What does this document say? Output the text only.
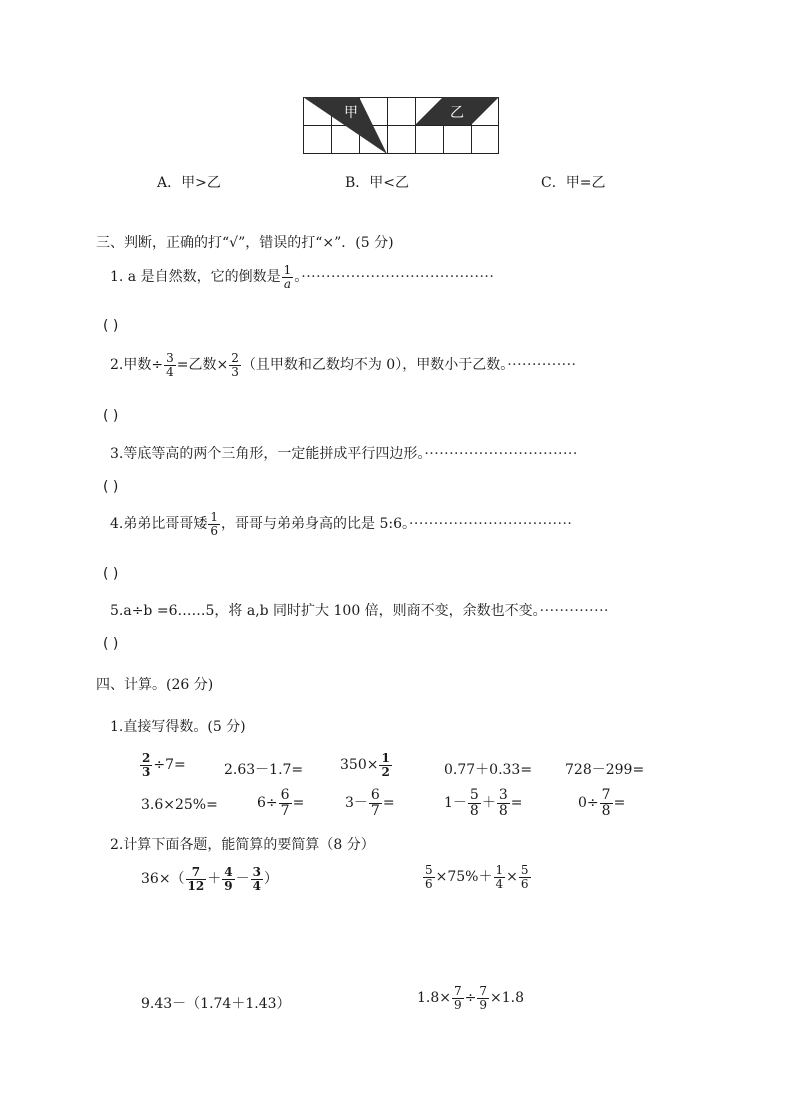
甲	乙
A．甲>乙	B．甲<乙	C．甲=乙
三、判断，正确的打“√”，错误的打“×”．(5 分)
1. a 是自然数，它的倒数是 $\frac{1}{a}$ 。·······································
( )
2.甲数÷ $\frac{3}{4}$ =乙数× $\frac{2}{3}$ （且甲数和乙数均不为 0），甲数小于乙数。··············
( )
3.等底等高的两个三角形，一定能拼成平行四边形。·······························
( )
4.弟弟比哥哥矮 $\frac{1}{6}$ ，哥哥与弟弟身高的比是 5:6。·································
( )
5.a÷b =6……5，将 a,b 同时扩大 100 倍，则商不变，余数也不变。··············
( )
四、计算。(26 分)
1.直接写得数。(5 分)
$\frac{2}{3} \div 7=$	2.63－1.7=	$350\times \frac{1}{2}$	0.77＋0.33= 728－299=
3.6×25%=	$6\div \frac{6}{7}$ =	$3- \frac{6}{7}$ =	$1- \frac{5}{8} + \frac{3}{8}$ =	$0\div \frac{7}{8}$ =
2.计算下面各题，能简算的要简算（8 分）
$36\times( \frac{7}{12} + \frac{4}{9} - \frac{3}{4}$ ）	$\frac{5}{6} \times 75\%+ \frac{1}{4} \times \frac{5}{6}$
9.43－（1.74＋1.43）	$1.8\times \frac{7}{9} \div \frac{7}{9} \times 1.8$
